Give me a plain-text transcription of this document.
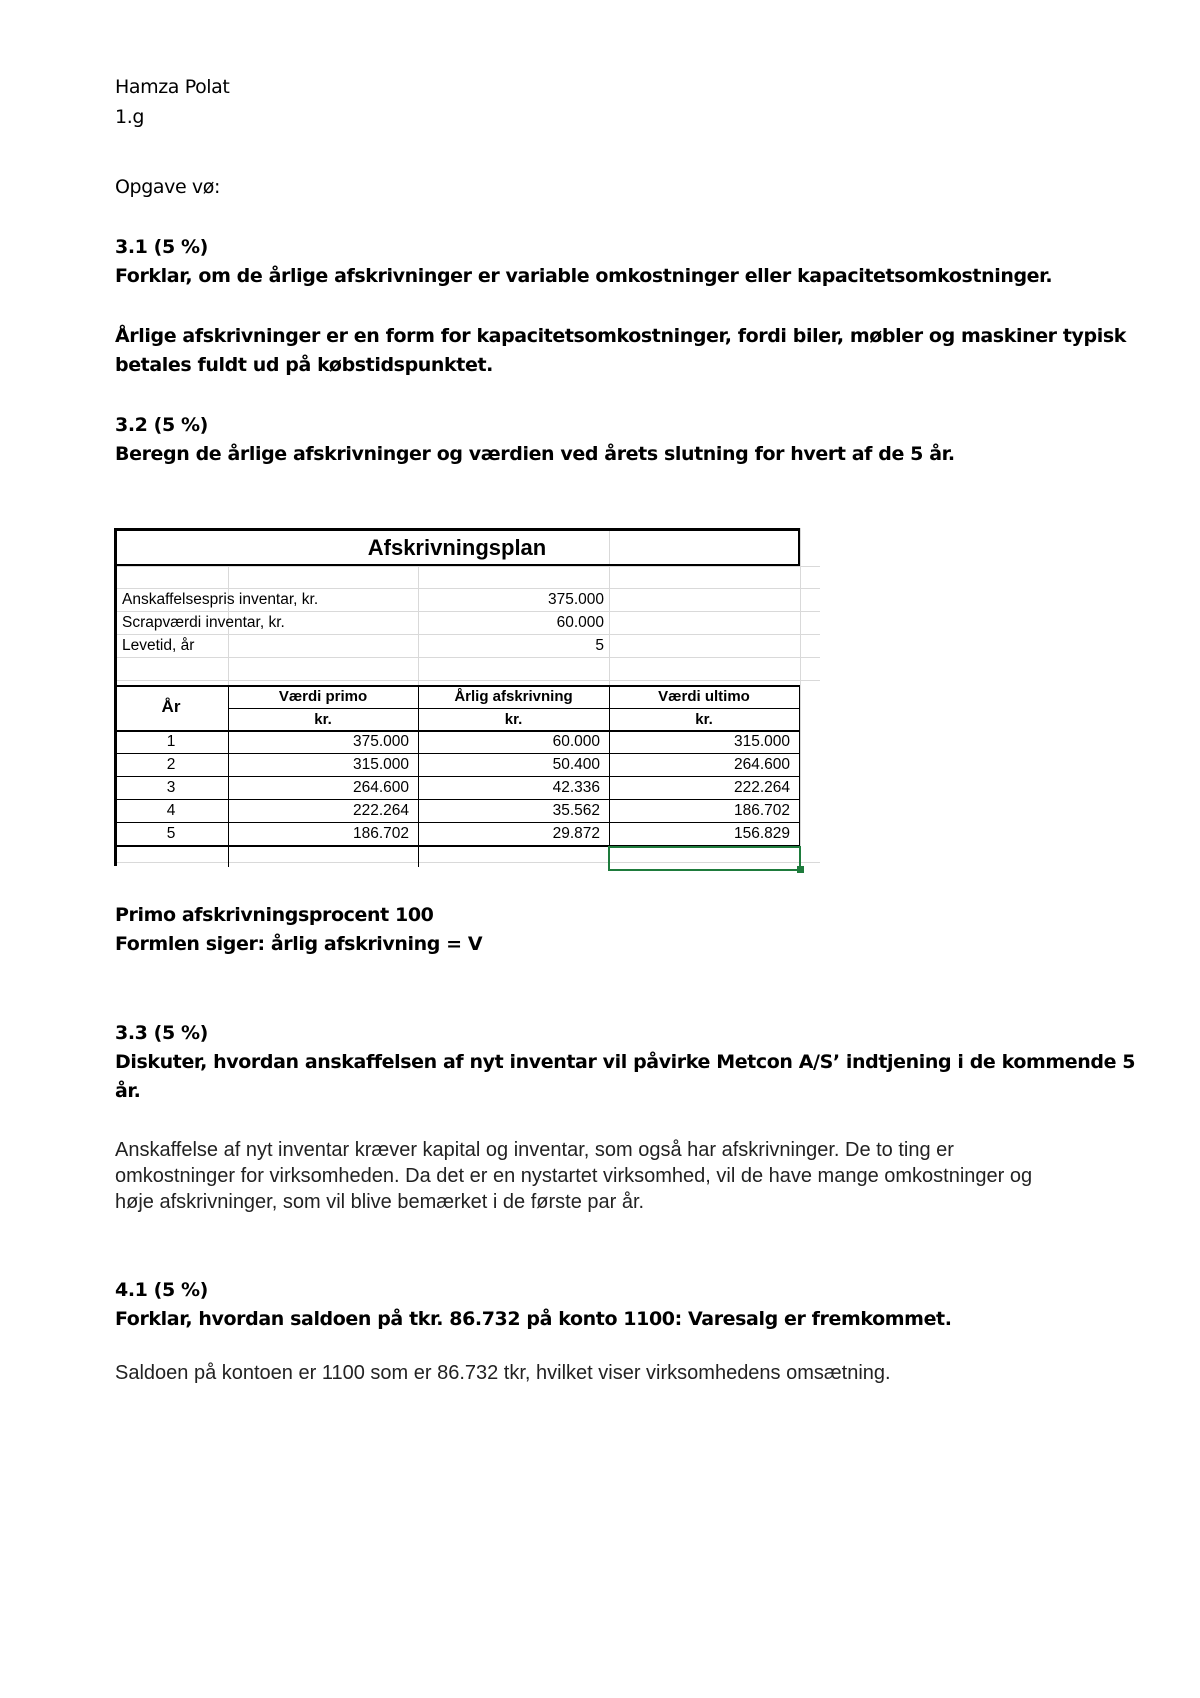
Hamza Polat

1.g

Opgave vø:

3.1 (5 %)

Forklar, om de årlige afskrivninger er variable omkostninger eller kapacitetsomkostninger.

Årlige afskrivninger er en form for kapacitetsomkostninger, fordi biler, møbler og maskiner typisk

betales fuldt ud på købstidspunktet.

3.2 (5 %)

Beregn de årlige afskrivninger og værdien ved årets slutning for hvert af de 5 år.

Afskrivningsplan
Anskaffelsespris inventar, kr.	375.000
Scrapværdi inventar, kr.	60.000
Levetid, år	5
År
Værdi primo	Årlig afskrivning	Værdi ultimo
kr.	kr.	kr.
1	375.000	60.000	315.000
2	315.000	50.400	264.600
3	264.600	42.336	222.264
4	222.264	35.562	186.702
5	186.702	29.872	156.829

Primo afskrivningsprocent 100

Formlen siger: årlig afskrivning = V

3.3 (5 %)

Diskuter, hvordan anskaffelsen af nyt inventar vil påvirke Metcon A/S’ indtjening i de kommende 5

år.

Anskaffelse af nyt inventar kræver kapital og inventar, som også har afskrivninger. De to ting er omkostninger for virksomheden. Da det er en nystartet virksomhed, vil de have mange omkostninger og høje afskrivninger, som vil blive bemærket i de første par år.

4.1 (5 %)

Forklar, hvordan saldoen på tkr. 86.732 på konto 1100: Varesalg er fremkommet.

Saldoen på kontoen er 1100 som er 86.732 tkr, hvilket viser virksomhedens omsætning.
